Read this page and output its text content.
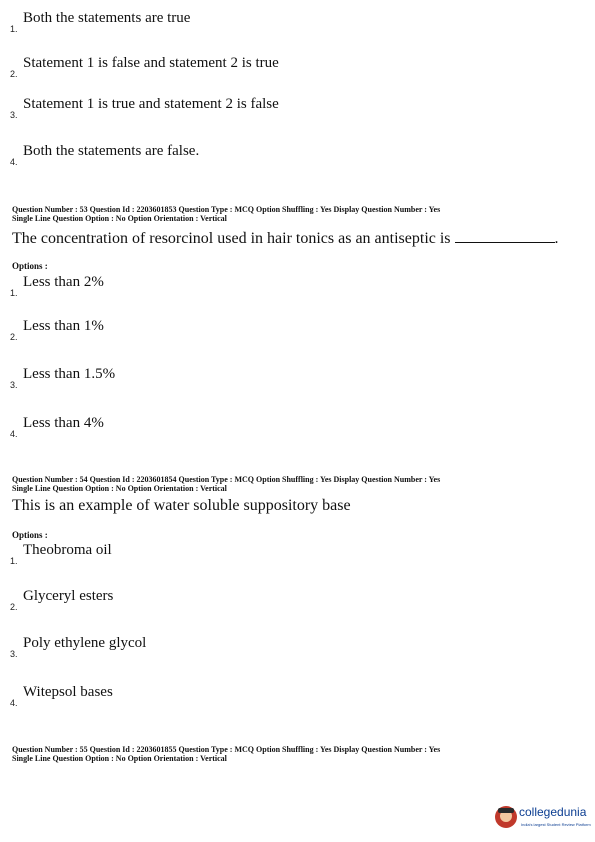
1.
Both the statements are true
2.
Statement 1 is false and statement 2 is true
3.
Statement 1 is true and statement 2 is false
4.
Both the statements are false.
Question Number : 53 Question Id : 2203601853 Question Type : MCQ Option Shuffling : Yes Display Question Number : Yes
Single Line Question Option : No Option Orientation : Vertical
The concentration of resorcinol used in hair tonics as an antiseptic is	.
Options :
1.
Less than 2%
2.
Less than 1%
3.
Less than 1.5%
4.
Less than 4%
Question Number : 54 Question Id : 2203601854 Question Type : MCQ Option Shuffling : Yes Display Question Number : Yes
Single Line Question Option : No Option Orientation : Vertical
This is an example of water soluble suppository base
Options :
1.
Theobroma oil
2.
Glyceryl esters
3.
Poly ethylene glycol
4.
Witepsol bases
Question Number : 55 Question Id : 2203601855 Question Type : MCQ Option Shuffling : Yes Display Question Number : Yes
Single Line Question Option : No Option Orientation : Vertical
collegedunia
India's largest Student Review Platform
